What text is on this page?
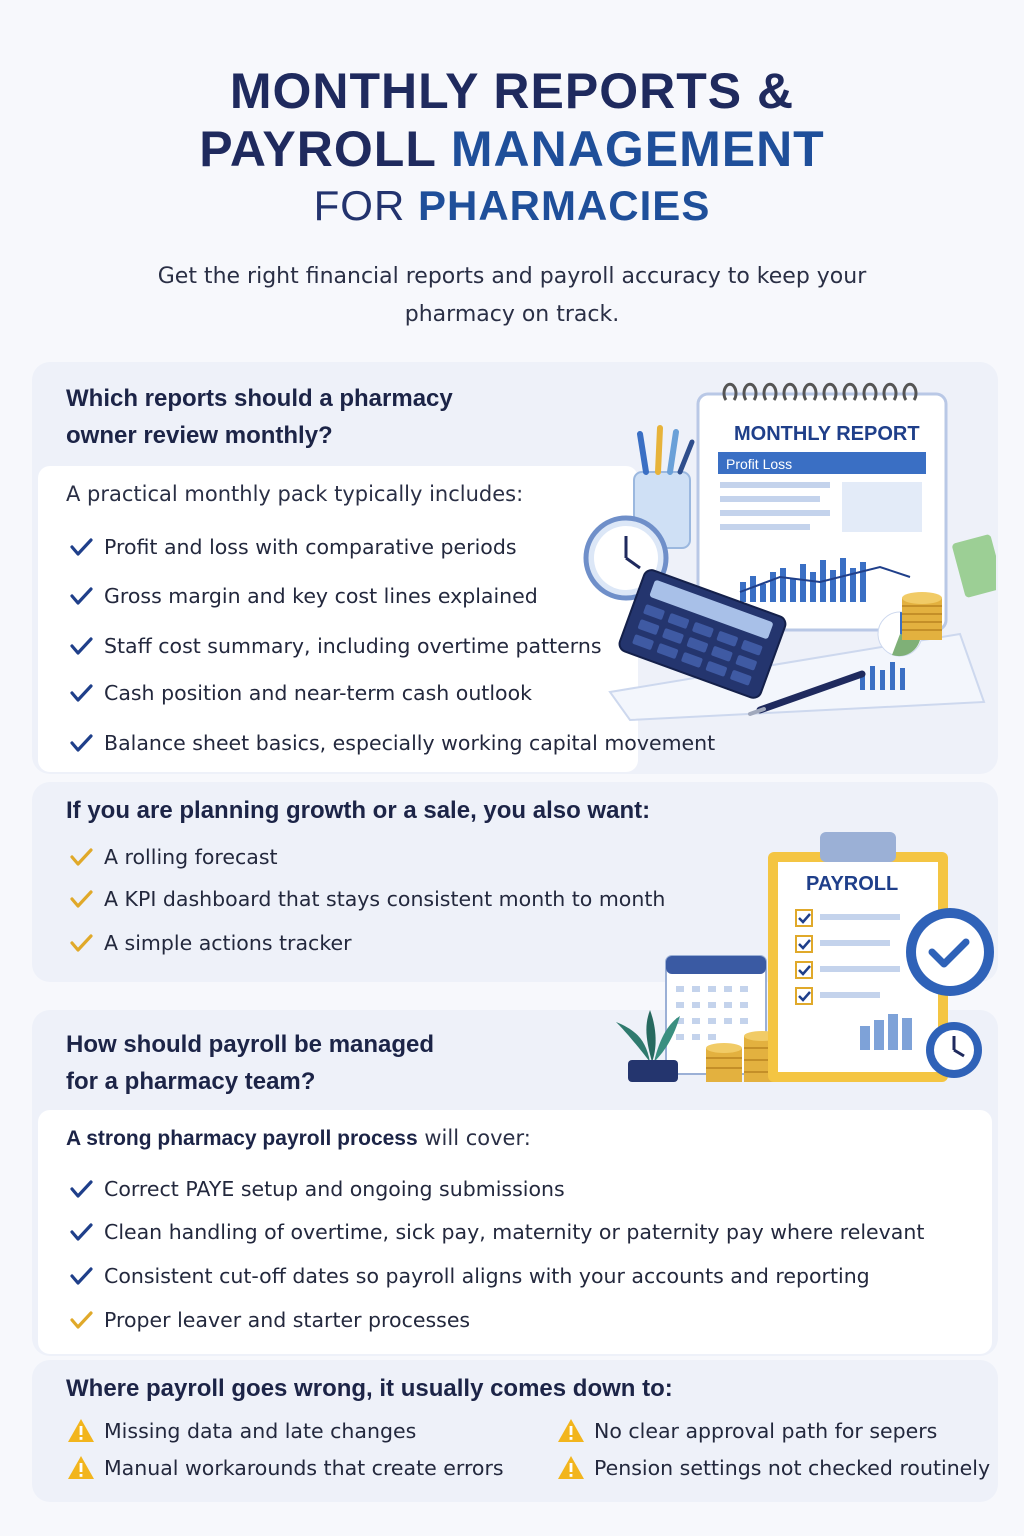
MONTHLY REPORTS &
PAYROLL MANAGEMENT
FOR PHARMACIES
Get the right financial reports and payroll accuracy to keep your pharmacy on track.
Which reports should a pharmacy
owner review monthly?
A practical monthly pack typically includes:
Profit and loss with comparative periods
Gross margin and key cost lines explained
Staff cost summary, including overtime patterns
Cash position and near-term cash outlook
Balance sheet basics, especially working capital movement
MONTHLY REPORT
Profit Loss
If you are planning growth or a sale, you also want:
A rolling forecast
A KPI dashboard that stays consistent month to month
A simple actions tracker
PAYROLL
How should payroll be managed
for a pharmacy team?
A strong pharmacy payroll process will cover:
Correct PAYE setup and ongoing submissions
Clean handling of overtime, sick pay, maternity or paternity pay where relevant
Consistent cut-off dates so payroll aligns with your accounts and reporting
Proper leaver and starter processes
Where payroll goes wrong, it usually comes down to:
Missing data and late changes
Manual workarounds that create errors
No clear approval path for sepers
Pension settings not checked routinely
